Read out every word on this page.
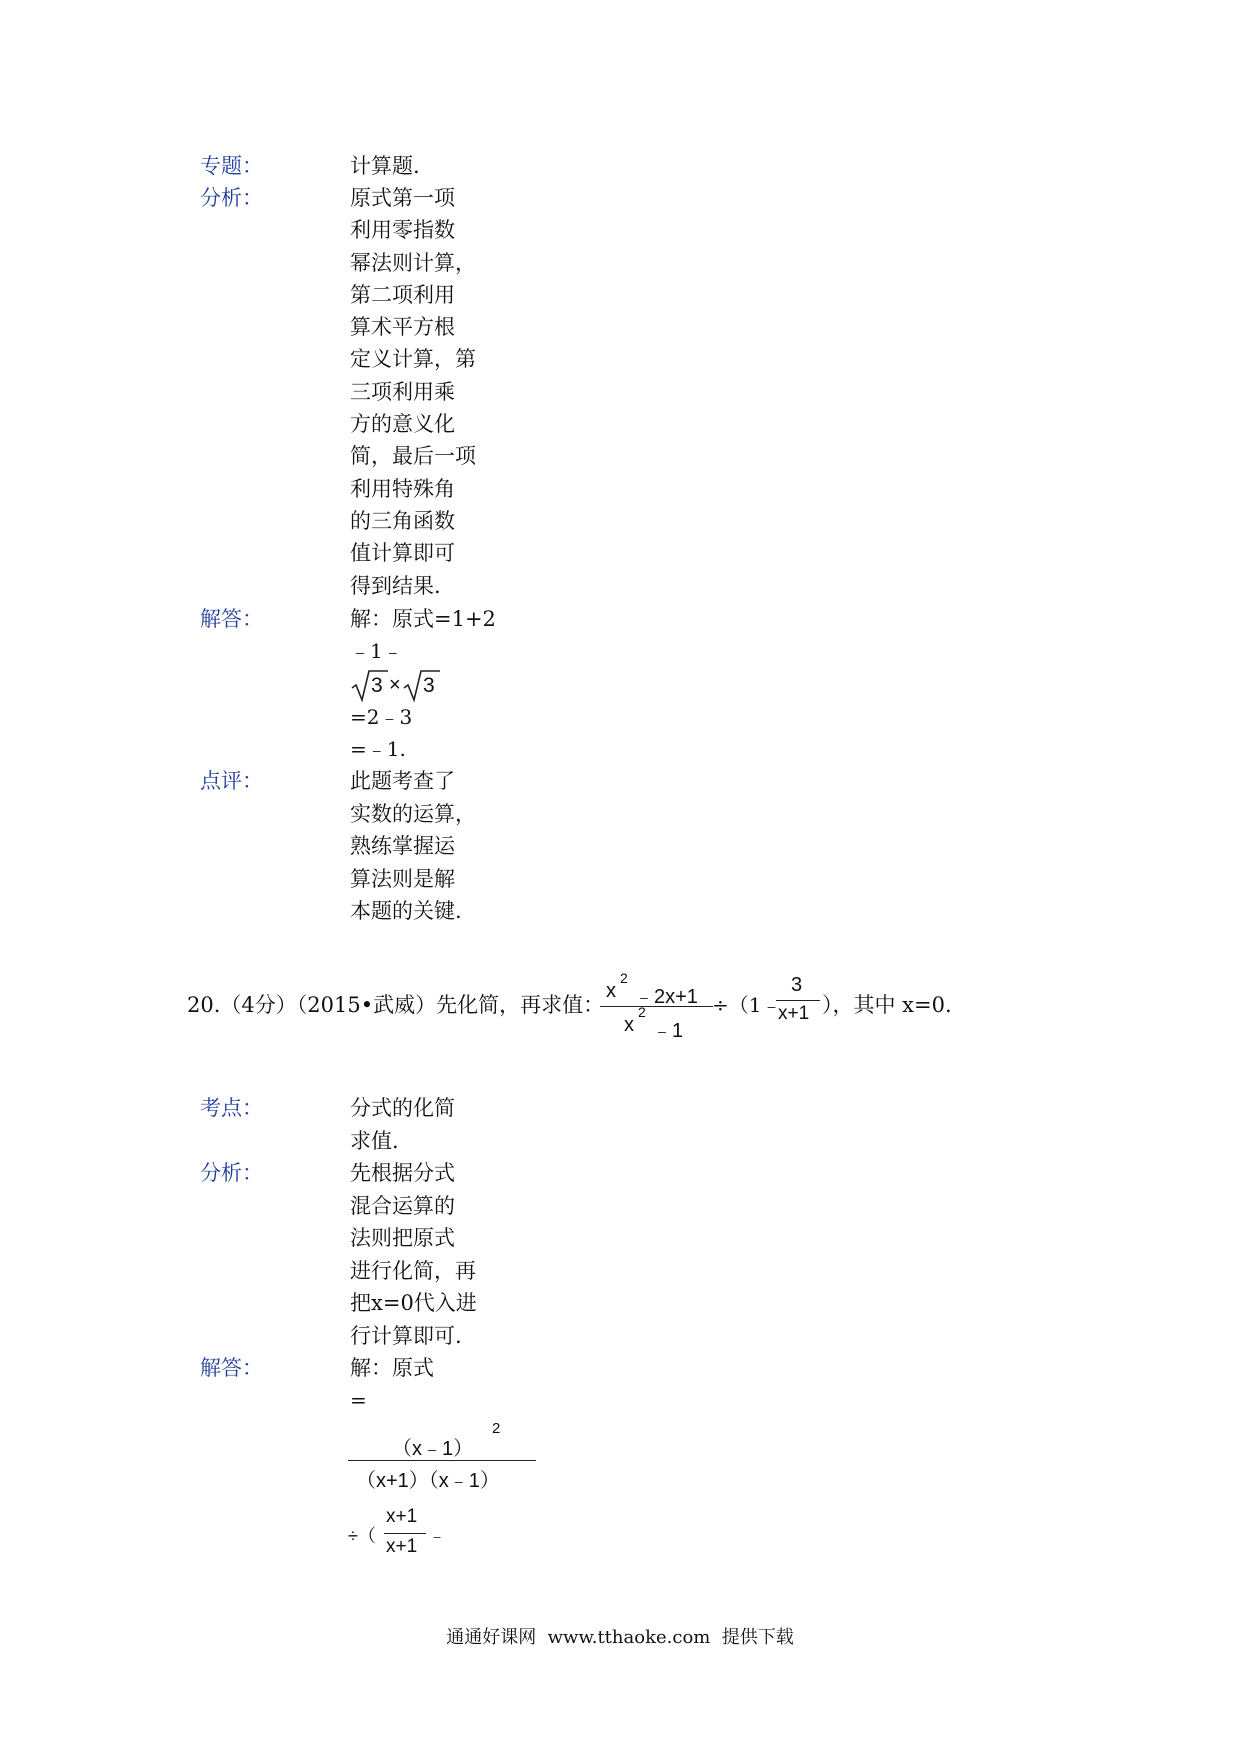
专题：	计算题.
分析：	原式第一项
利用零指数
幂法则计算，
第二项利用
算术平方根
定义计算，第
三项利用乘
方的意义化
简，最后一项
利用特殊角
的三角函数
值计算即可
得到结果.
解答：	解：原式=1+2
﹣1﹣
3 × 3
=2﹣3
=﹣1.
点评：	此题考查了
实数的运算，
熟练掌握运
算法则是解
本题的关键.
20.（4分）（2015•武威）先化简，再求值：
x
2
﹣2x+1
x
2
﹣1
÷（1﹣
3
x+1 ），其中 x=0.
考点：	分式的化简
求值.
分析：	先根据分式
混合运算的
法则把原式
进行化简，再
把x=0代入进
行计算即可.
解答：	解：原式
=
（x﹣1）
2
（x+1）（x﹣1）
÷（
x+1
x+1 ﹣
通通好课网  www.tthaoke.com  提供下载
